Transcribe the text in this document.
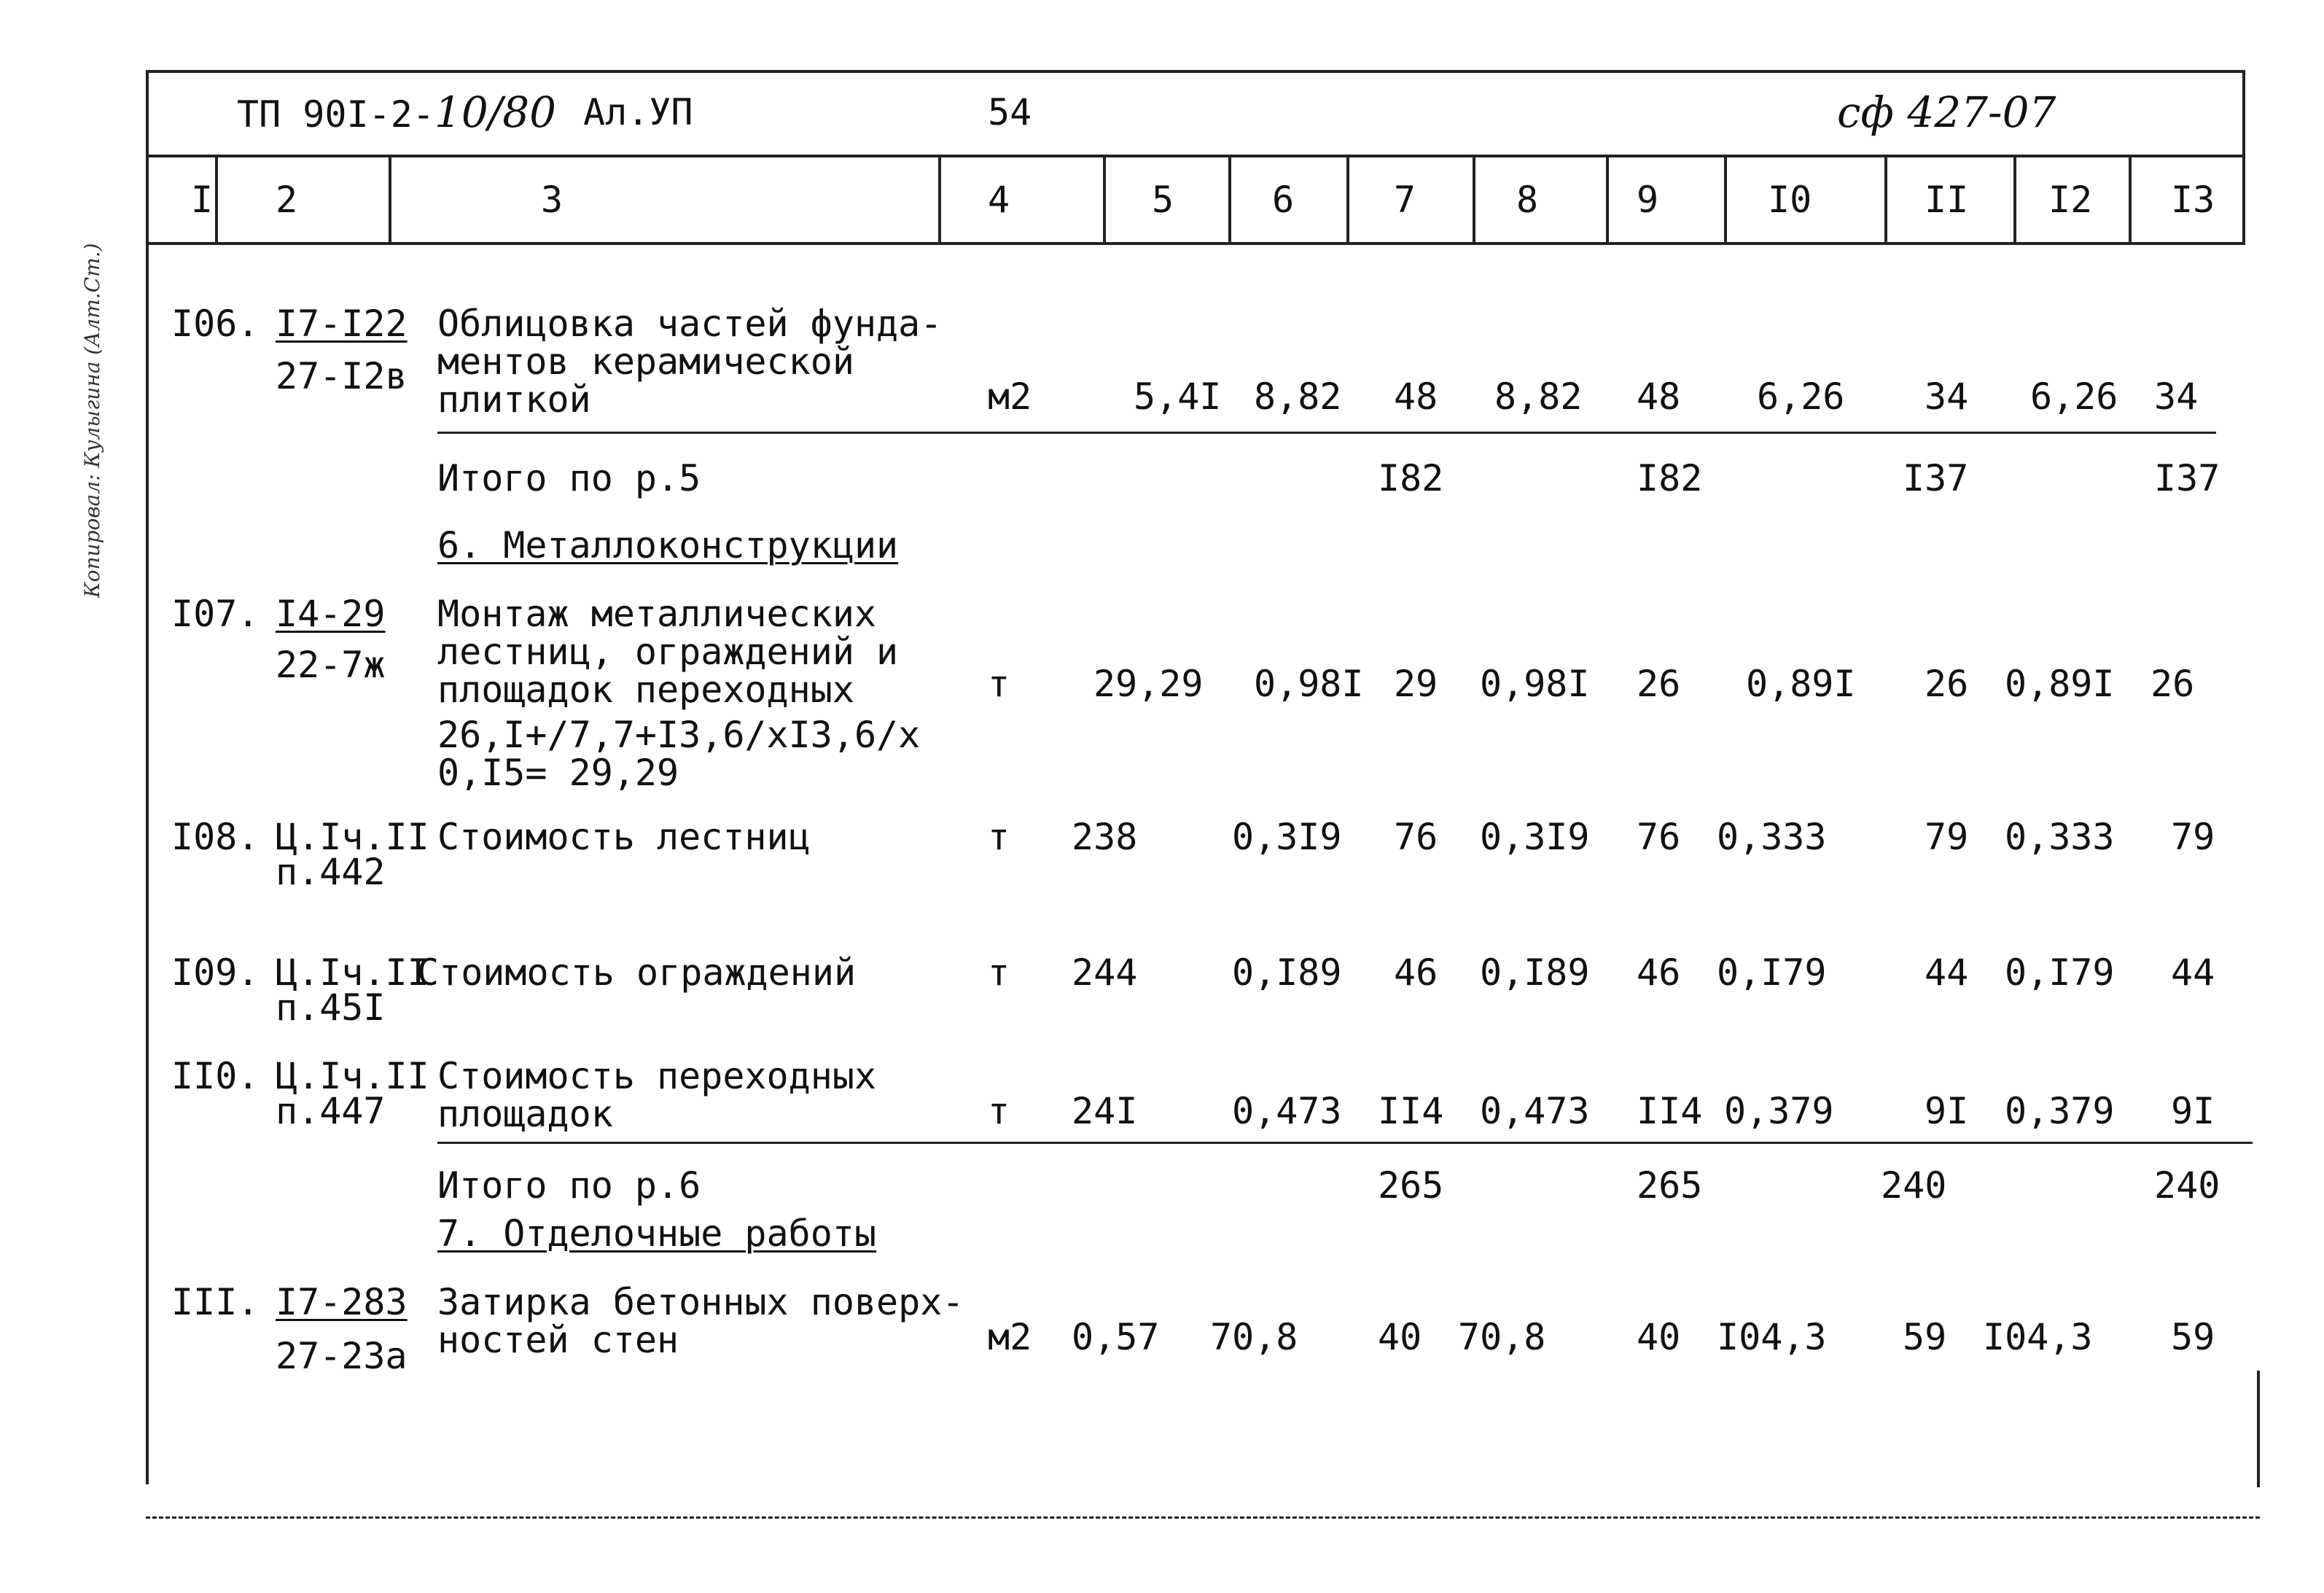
Копировал: Кулыгина (Алт.Ст.)
ТП 90I-2-10/80 Ал.УП	54	сф 427-07
I 2	3	4	5	6	7	8	9	I0	II I2 I3
I06. I7-I22
27-I2в
Облицовка частей фунда-
ментов керамической
плиткой	м2	5,4I 8,82 48 8,82 48 6,26 34 6,26 34
Итого по р.5	I82	I82	I37	I37
6. Металлоконструкции
I07. I4-29
22-7ж
Монтаж металлических
лестниц, ограждений и
площадок переходных
26,I+/7,7+I3,6/xI3,6/x
0,I5= 29,29
т 29,29 0,98I 29 0,98I 26 0,89I 26 0,89I 26
I08. Ц.Iч.II
п.442
Стоимость лестниц	т 238	0,3I9 76 0,3I9 76 0,333	79 0,333 79
I09. Ц.Iч.II
п.45I
Стоимость ограждений	т 244	0,I89 46 0,I89 46 0,I79	44 0,I79 44
II0. Ц.Iч.II
п.447
Стоимость переходных
площадок	т 24I	0,473 II4 0,473 II4 0,379 9I 0,379 9I
Итого по р.6	265	265	240	240
7. Отделочные работы
III. I7-283
27-23а
Затирка бетонных поверх-
ностей стен	м2 0,57 70,8 40 70,8 40 I04,3 59 I04,3 59
